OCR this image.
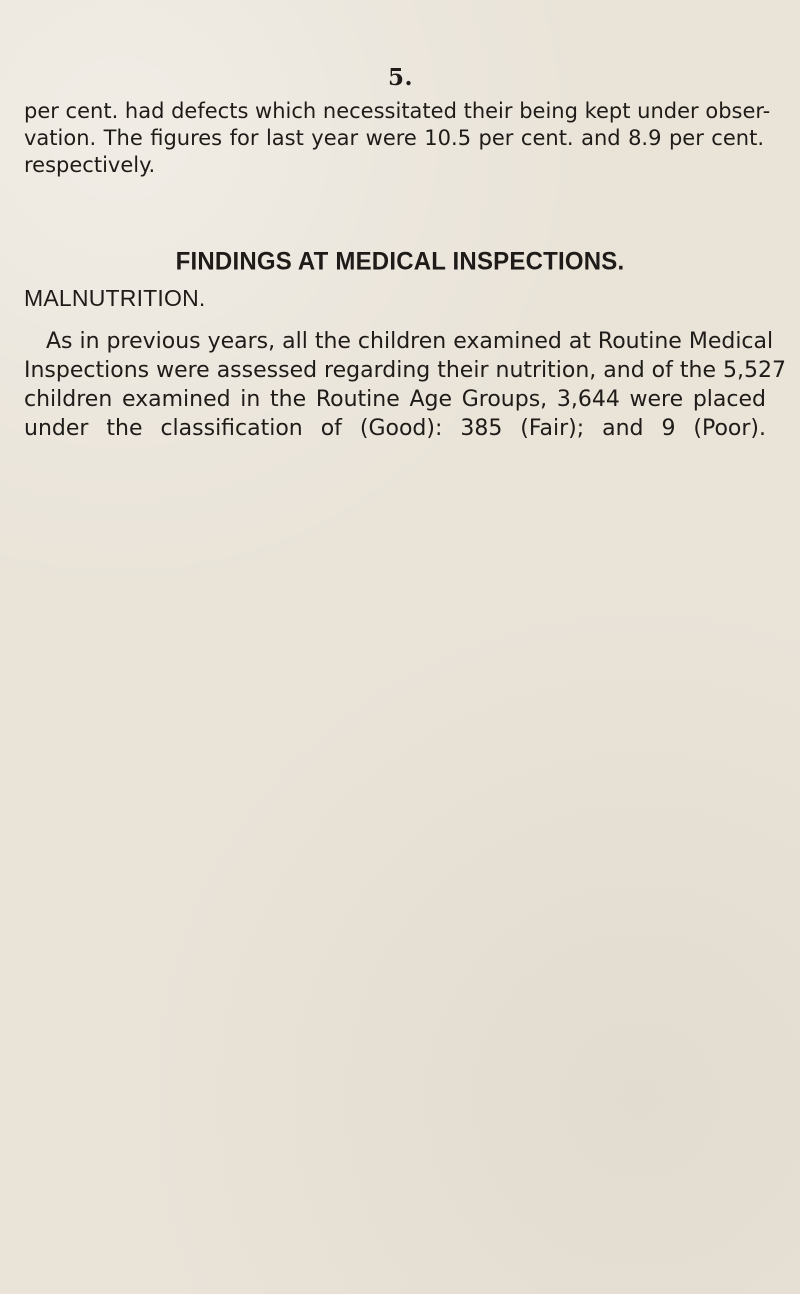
5.
per cent. had defects which necessitated their being kept under obser-
vation. The figures for last year were 10.5 per cent. and 8.9 per cent.
respectively.
FINDINGS AT MEDICAL INSPECTIONS.
MALNUTRITION.
As in previous years, all the children examined at Routine Medical
Inspections were assessed regarding their nutrition, and of the 5,527
children examined in the Routine Age Groups, 3,644 were placed
under the classification of (Good): 385 (Fair); and 9 (Poor).
